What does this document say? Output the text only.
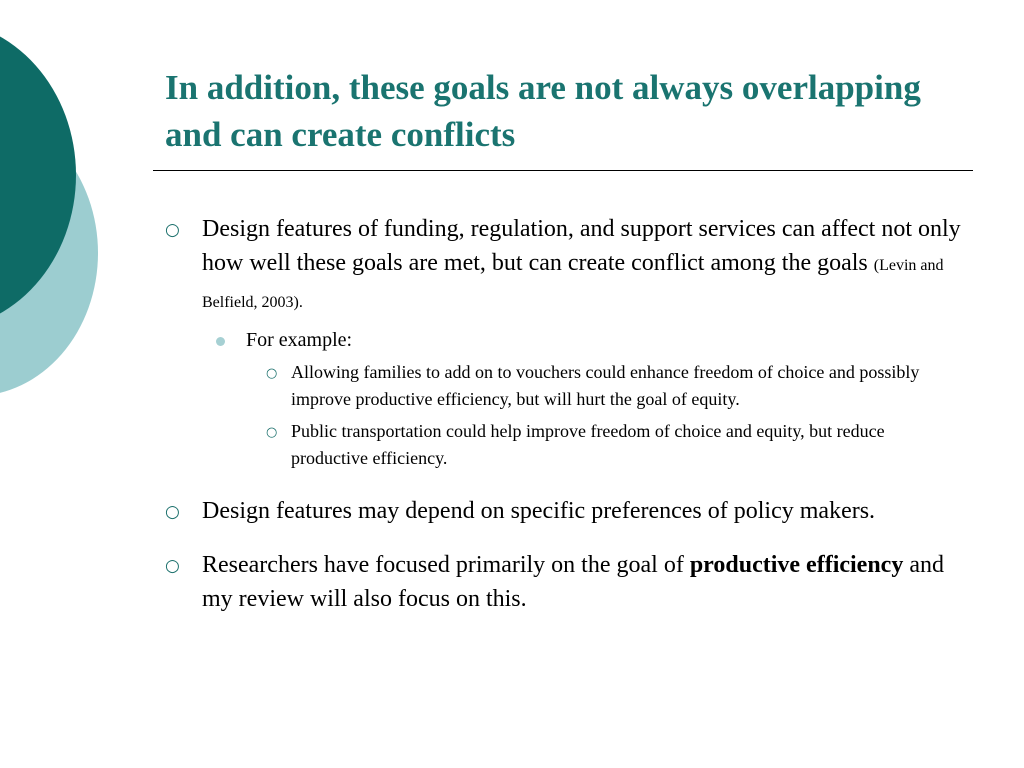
In addition, these goals are not always overlapping and can create conflicts
○ Design features of funding, regulation, and support services can affect not only how well these goals are met, but can create conflict among the goals (Levin and Belfield, 2003).
For example:
○ Allowing families to add on to vouchers could enhance freedom of choice and possibly improve productive efficiency, but will hurt the goal of equity.
○ Public transportation could help improve freedom of choice and equity, but reduce productive efficiency.
○ Design features may depend on specific preferences of policy makers.
○ Researchers have focused primarily on the goal of productive efficiency and my review will also focus on this.
